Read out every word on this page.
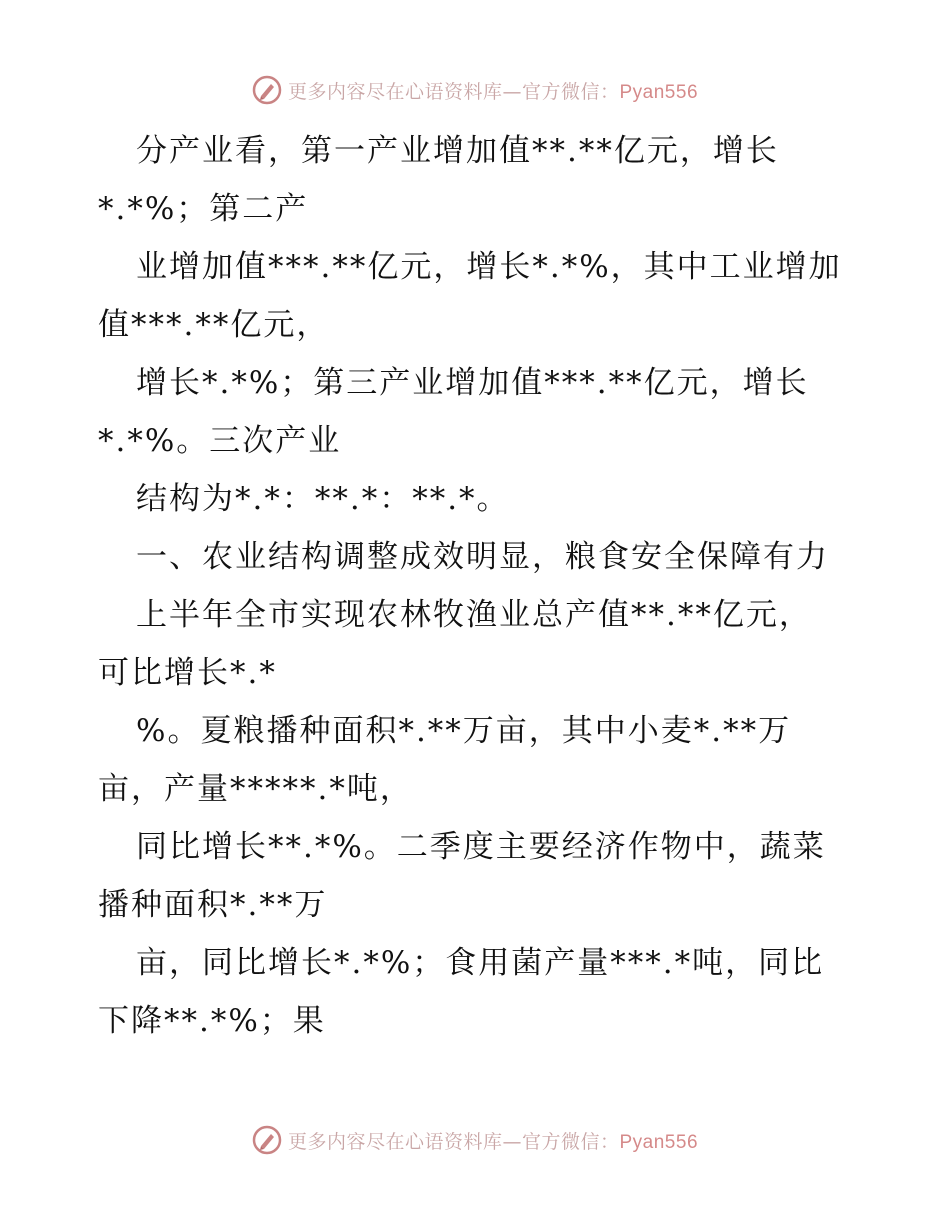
更多内容尽在心语资料库—官方微信：Pyan556
分产业看，第一产业增加值**.**亿元，增长
*.*%；第二产
业增加值***.**亿元，增长*.*%，其中工业增加
值***.**亿元，
增长*.*%；第三产业增加值***.**亿元，增长
*.*%。三次产业
结构为*.*：**.*：**.*。
一、农业结构调整成效明显，粮食安全保障有力
上半年全市实现农林牧渔业总产值**.**亿元，
可比增长*.*
%。夏粮播种面积*.**万亩，其中小麦*.**万
亩，产量*****.*吨，
同比增长**.*%。二季度主要经济作物中，蔬菜
播种面积*.**万
亩，同比增长*.*%；食用菌产量***.*吨，同比
下降**.*%；果
更多内容尽在心语资料库—官方微信：Pyan556
